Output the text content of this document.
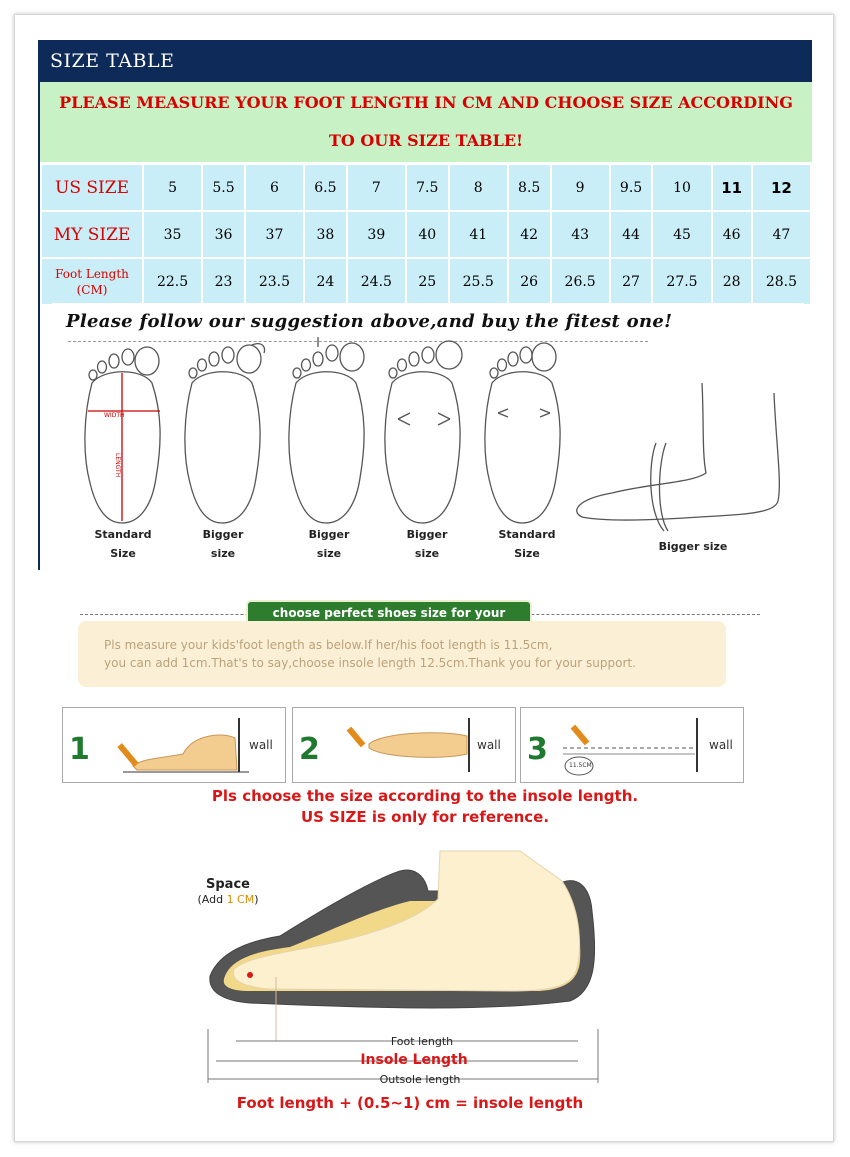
SIZE TABLE
PLEASE MEASURE YOUR FOOT LENGTH IN CM AND CHOOSE SIZE ACCORDING
TO OUR SIZE TABLE!
US SIZE	5	5.5	6	6.5	7	7.5	8	8.5	9	9.5	10	11	12
MY SIZE	35	36	37	38	39	40	41	42	43	44	45	46	47
Foot Length
(CM)	22.5	23	23.5	24	24.5	25	25.5	26	26.5	27	27.5	28	28.5
Please follow our suggestion above,and buy the fitest one!
WIDTH
LENGTH
Standard
Size
Bigger
size
Bigger
size
Bigger
size
Standard
Size
Bigger size
choose perfect shoes size for your
Pls measure your kids'foot length as below.If her/his foot length is 11.5cm,
you can add 1cm.That's to say,choose insole length 12.5cm.Thank you for your support.
1	wall 2	wall 3	11.5CM
wall
Pls choose the size according to the insole length.
US SIZE is only for reference.
Space
(Add 1 CM)
Foot length
Insole Length
Outsole length
Foot length + (0.5~1) cm = insole length
